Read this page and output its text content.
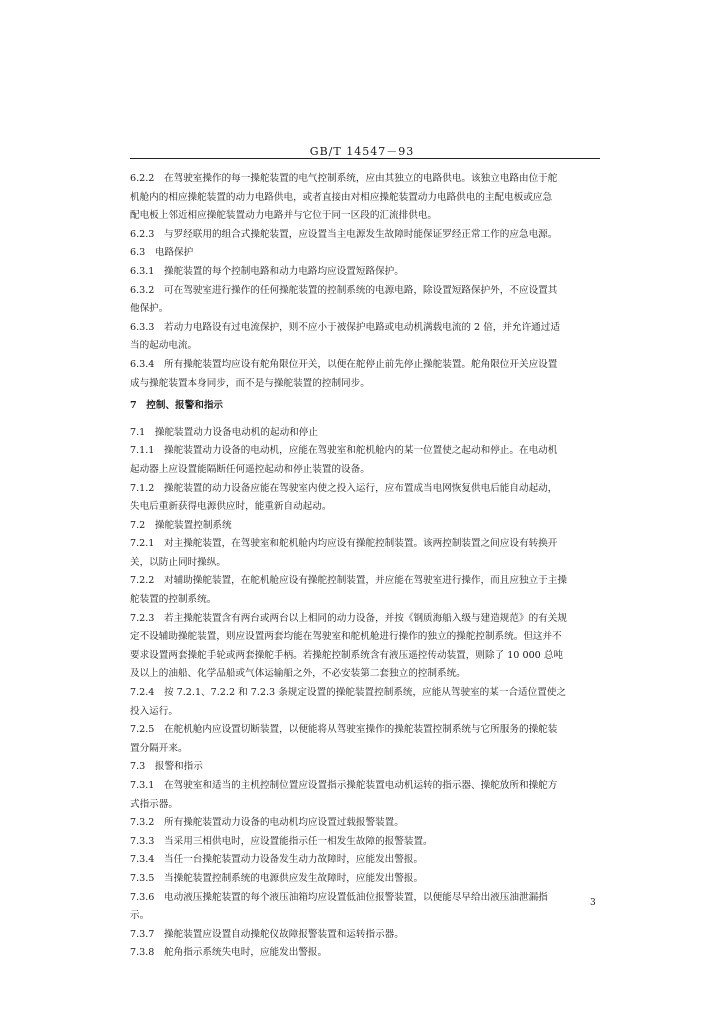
GB/T 14547－93
6.2.2　在驾驶室操作的每一操舵装置的电气控制系统，应由其独立的电路供电。该独立电路由位于舵
机舱内的相应操舵装置的动力电路供电，或者直接由对相应操舵装置动力电路供电的主配电板或应急
配电板上邻近相应操舵装置动力电路并与它位于同一区段的汇流排供电。
6.2.3　与罗经联用的组合式操舵装置，应设置当主电源发生故障时能保证罗经正常工作的应急电源。
6.3　电路保护
6.3.1　操舵装置的每个控制电路和动力电路均应设置短路保护。
6.3.2　可在驾驶室进行操作的任何操舵装置的控制系统的电源电路，除设置短路保护外，不应设置其
他保护。
6.3.3　若动力电路设有过电流保护，则不应小于被保护电路或电动机满载电流的 2 倍，并允许通过适
当的起动电流。
6.3.4　所有操舵装置均应设有舵角限位开关，以便在舵停止前先停止操舵装置。舵角限位开关应设置
成与操舵装置本身同步，而不是与操舵装置的控制同步。
7　控制、报警和指示
7.1　操舵装置动力设备电动机的起动和停止
7.1.1　操舵装置动力设备的电动机，应能在驾驶室和舵机舱内的某一位置使之起动和停止。在电动机
起动器上应设置能隔断任何遥控起动和停止装置的设备。
7.1.2　操舵装置的动力设备应能在驾驶室内使之投入运行，应布置成当电网恢复供电后能自动起动，
失电后重新获得电源供应时，能重新自动起动。
7.2　操舵装置控制系统
7.2.1　对主操舵装置，在驾驶室和舵机舱内均应设有操舵控制装置。该两控制装置之间应设有转换开
关，以防止同时操纵。
7.2.2　对辅助操舵装置，在舵机舱应设有操舵控制装置，并应能在驾驶室进行操作，而且应独立于主操
舵装置的控制系统。
7.2.3　若主操舵装置含有两台或两台以上相同的动力设备，并按《钢质海船入级与建造规范》的有关规
定不设辅助操舵装置，则应设置两套均能在驾驶室和舵机舱进行操作的独立的操舵控制系统。但这并不
要求设置两套操舵手轮或两套操舵手柄。若操舵控制系统含有液压遥控传动装置，则除了 10 000 总吨
及以上的油船、化学品船或气体运输船之外，不必安装第二套独立的控制系统。
7.2.4　按 7.2.1、7.2.2 和 7.2.3 条规定设置的操舵装置控制系统，应能从驾驶室的某一合适位置使之
投入运行。
7.2.5　在舵机舱内应设置切断装置，以便能将从驾驶室操作的操舵装置控制系统与它所服务的操舵装
置分隔开来。
7.3　报警和指示
7.3.1　在驾驶室和适当的主机控制位置应设置指示操舵装置电动机运转的指示器、操舵放所和操舵方
式指示器。
7.3.2　所有操舵装置动力设备的电动机均应设置过载报警装置。
7.3.3　当采用三相供电时，应设置能指示任一相发生故障的报警装置。
7.3.4　当任一台操舵装置动力设备发生动力故障时，应能发出警报。
7.3.5　当操舵装置控制系统的电源供应发生故障时，应能发出警报。
7.3.6　电动液压操舵装置的每个液压油箱均应设置低油位报警装置，以便能尽早给出液压油泄漏指
示。
7.3.7　操舵装置应设置自动操舵仪故障报警装置和运转指示器。
7.3.8　舵角指示系统失电时，应能发出警报。
3
